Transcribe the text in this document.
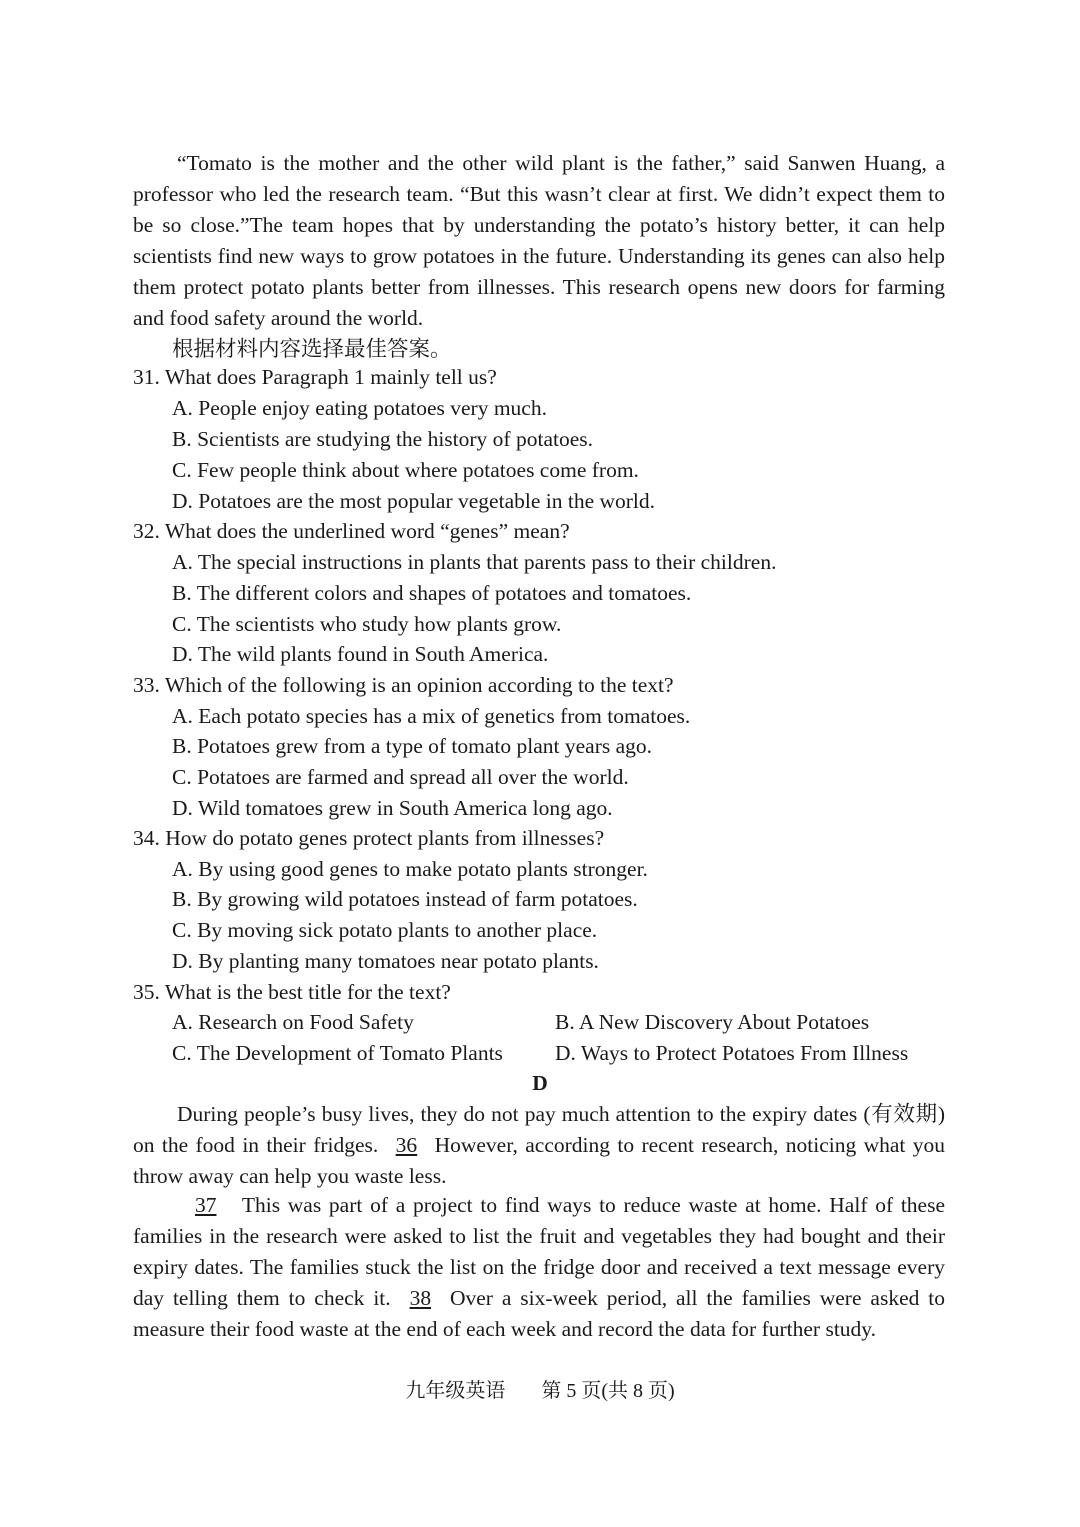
“Tomato is the mother and the other wild plant is the father,” said Sanwen Huang, a professor who led the research team. “But this wasn’t clear at first. We didn’t expect them to be so close.”The team hopes that by understanding the potato’s history better, it can help scientists find new ways to grow potatoes in the future. Understanding its genes can also help them protect potato plants better from illnesses. This research opens new doors for farming and food safety around the world.

根据材料内容选择最佳答案。

31. What does Paragraph 1 mainly tell us?

A. People enjoy eating potatoes very much.

B. Scientists are studying the history of potatoes.

C. Few people think about where potatoes come from.

D. Potatoes are the most popular vegetable in the world.

32. What does the underlined word “genes” mean?

A. The special instructions in plants that parents pass to their children.

B. The different colors and shapes of potatoes and tomatoes.

C. The scientists who study how plants grow.

D. The wild plants found in South America.

33. Which of the following is an opinion according to the text?

A. Each potato species has a mix of genetics from tomatoes.

B. Potatoes grew from a type of tomato plant years ago.

C. Potatoes are farmed and spread all over the world.

D. Wild tomatoes grew in South America long ago.

34. How do potato genes protect plants from illnesses?

A. By using good genes to make potato plants stronger.

B. By growing wild potatoes instead of farm potatoes.

C. By moving sick potato plants to another place.

D. By planting many tomatoes near potato plants.

35. What is the best title for the text?

A. Research on Food Safety	B. A New Discovery About Potatoes

C. The Development of Tomato Plants	D. Ways to Protect Potatoes From Illness

D

During people’s busy lives, they do not pay much attention to the expiry dates (有效期) on the food in their fridges. 36 However, according to recent research, noticing what you throw away can help you waste less.

37 This was part of a project to find ways to reduce waste at home. Half of these families in the research were asked to list the fruit and vegetables they had bought and their expiry dates. The families stuck the list on the fridge door and received a text message every day telling them to check it. 38 Over a six-week period, all the families were asked to measure their food waste at the end of each week and record the data for further study.

九年级英语 第 5 页(共 8 页)
